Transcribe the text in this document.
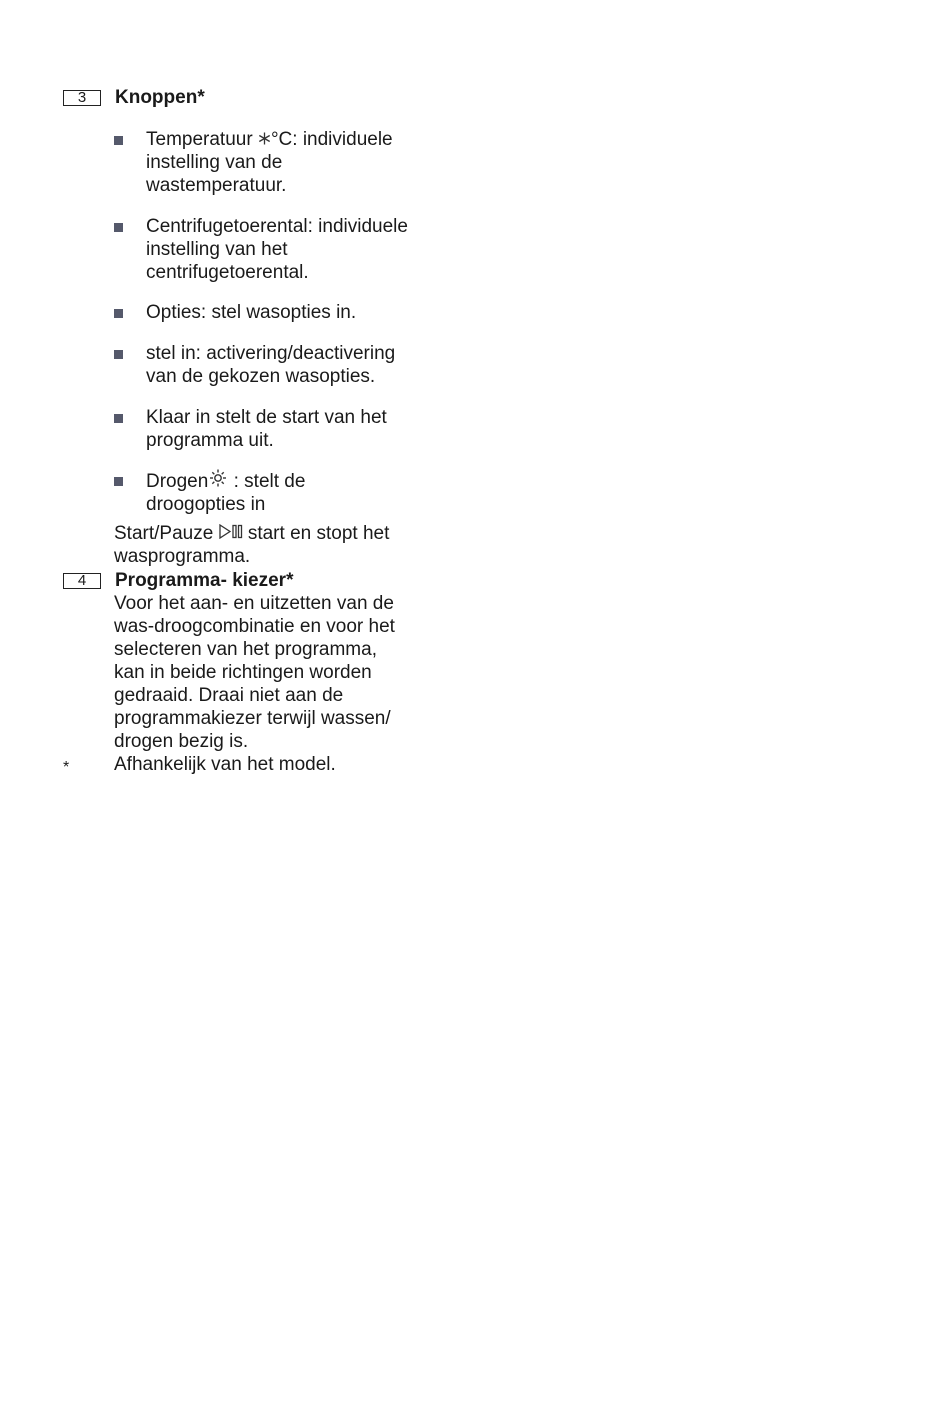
3	Knoppen*
Temperatuur °C: individuele
instelling van de
wastemperatuur.
Centrifugetoerental: individuele
instelling van het
centrifugetoerental.
Opties: stel wasopties in.
stel in: activering/deactivering
van de gekozen wasopties.
Klaar in stelt de start van het
programma uit.
Drogen : stelt de
droogopties in
Start/Pauze  start en stopt het
wasprogramma.
4	Programma- kiezer*
Voor het aan- en uitzetten van de
was-droogcombinatie en voor het
selecteren van het programma,
kan in beide richtingen worden
gedraaid. Draai niet aan de
programmakiezer terwijl wassen/
drogen bezig is.
* Afhankelijk van het model.
